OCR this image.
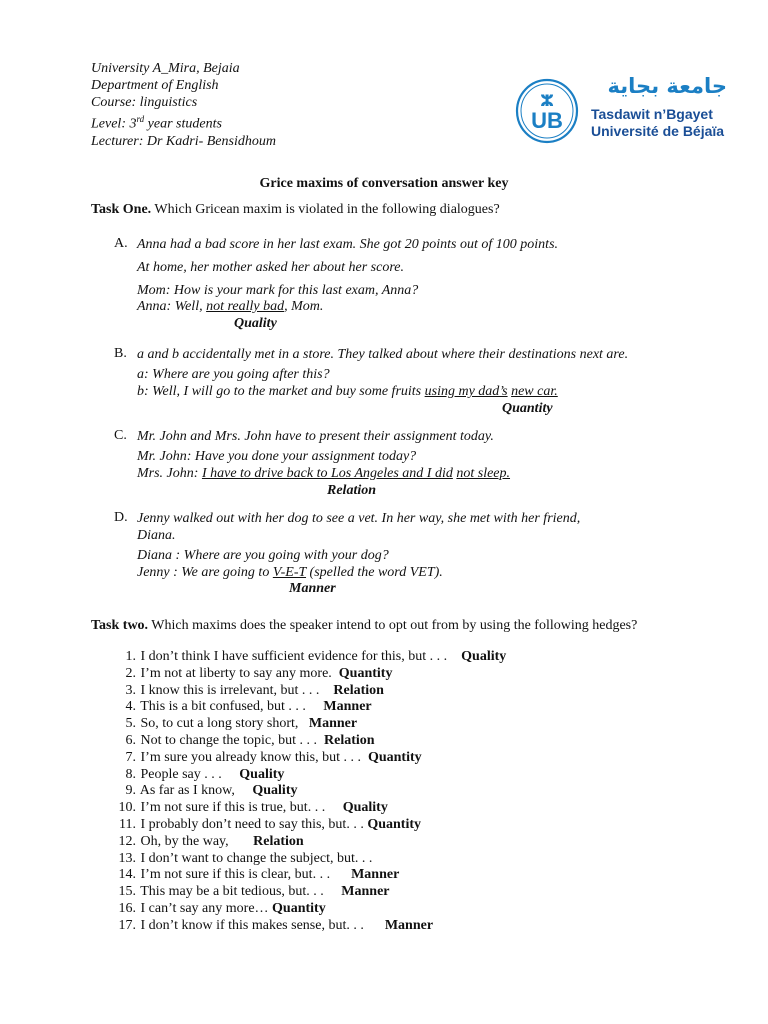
University A_Mira, Bejaia
Department of English
Course: linguistics
Level: 3rd year students
Lecturer: Dr Kadri- Bensidhoum
ⵣ
UB
جامعة بجاية
Tasdawit n’Bgayet
Université de Béjaïa
Grice maxims of conversation answer key
Task One. Which Gricean maxim is violated in the following dialogues?
A. Anna had a bad score in her last exam. She got 20 points out of 100 points.
At home, her mother asked her about her score.
Mom: How is your mark for this last exam, Anna?
Anna: Well, not really bad, Mom.
Quality
B. a and b accidentally met in a store. They talked about where their destinations next are.
a: Where are you going after this?
b: Well, I will go to the market and buy some fruits using my dad’s new car.
Quantity
C. Mr. John and Mrs. John have to present their assignment today.
Mr. John: Have you done your assignment today?
Mrs. John: I have to drive back to Los Angeles and I did not sleep.
Relation
D. Jenny walked out with her dog to see a vet. In her way, she met with her friend,
Diana.
Diana : Where are you going with your dog?
Jenny : We are going to V-E-T (spelled the word VET).
Manner
Task two. Which maxims does the speaker intend to opt out from by using the following hedges?
1. I don’t think I have sufficient evidence for this, but . . . Quality
2. I’m not at liberty to say any more. Quantity
3. I know this is irrelevant, but . . . Relation
4. This is a bit confused, but . . . Manner
5. So, to cut a long story short, Manner
6. Not to change the topic, but . . . Relation
7. I’m sure you already know this, but . . . Quantity
8. People say . . . Quality
9. As far as I know, Quality
10. I’m not sure if this is true, but. . . Quality
11. I probably don’t need to say this, but. . . Quantity
12. Oh, by the way, Relation
13. I don’t want to change the subject, but. . .
14. I’m not sure if this is clear, but. . . Manner
15. This may be a bit tedious, but. . . Manner
16. I can’t say any more… Quantity
17. I don’t know if this makes sense, but. . . Manner
